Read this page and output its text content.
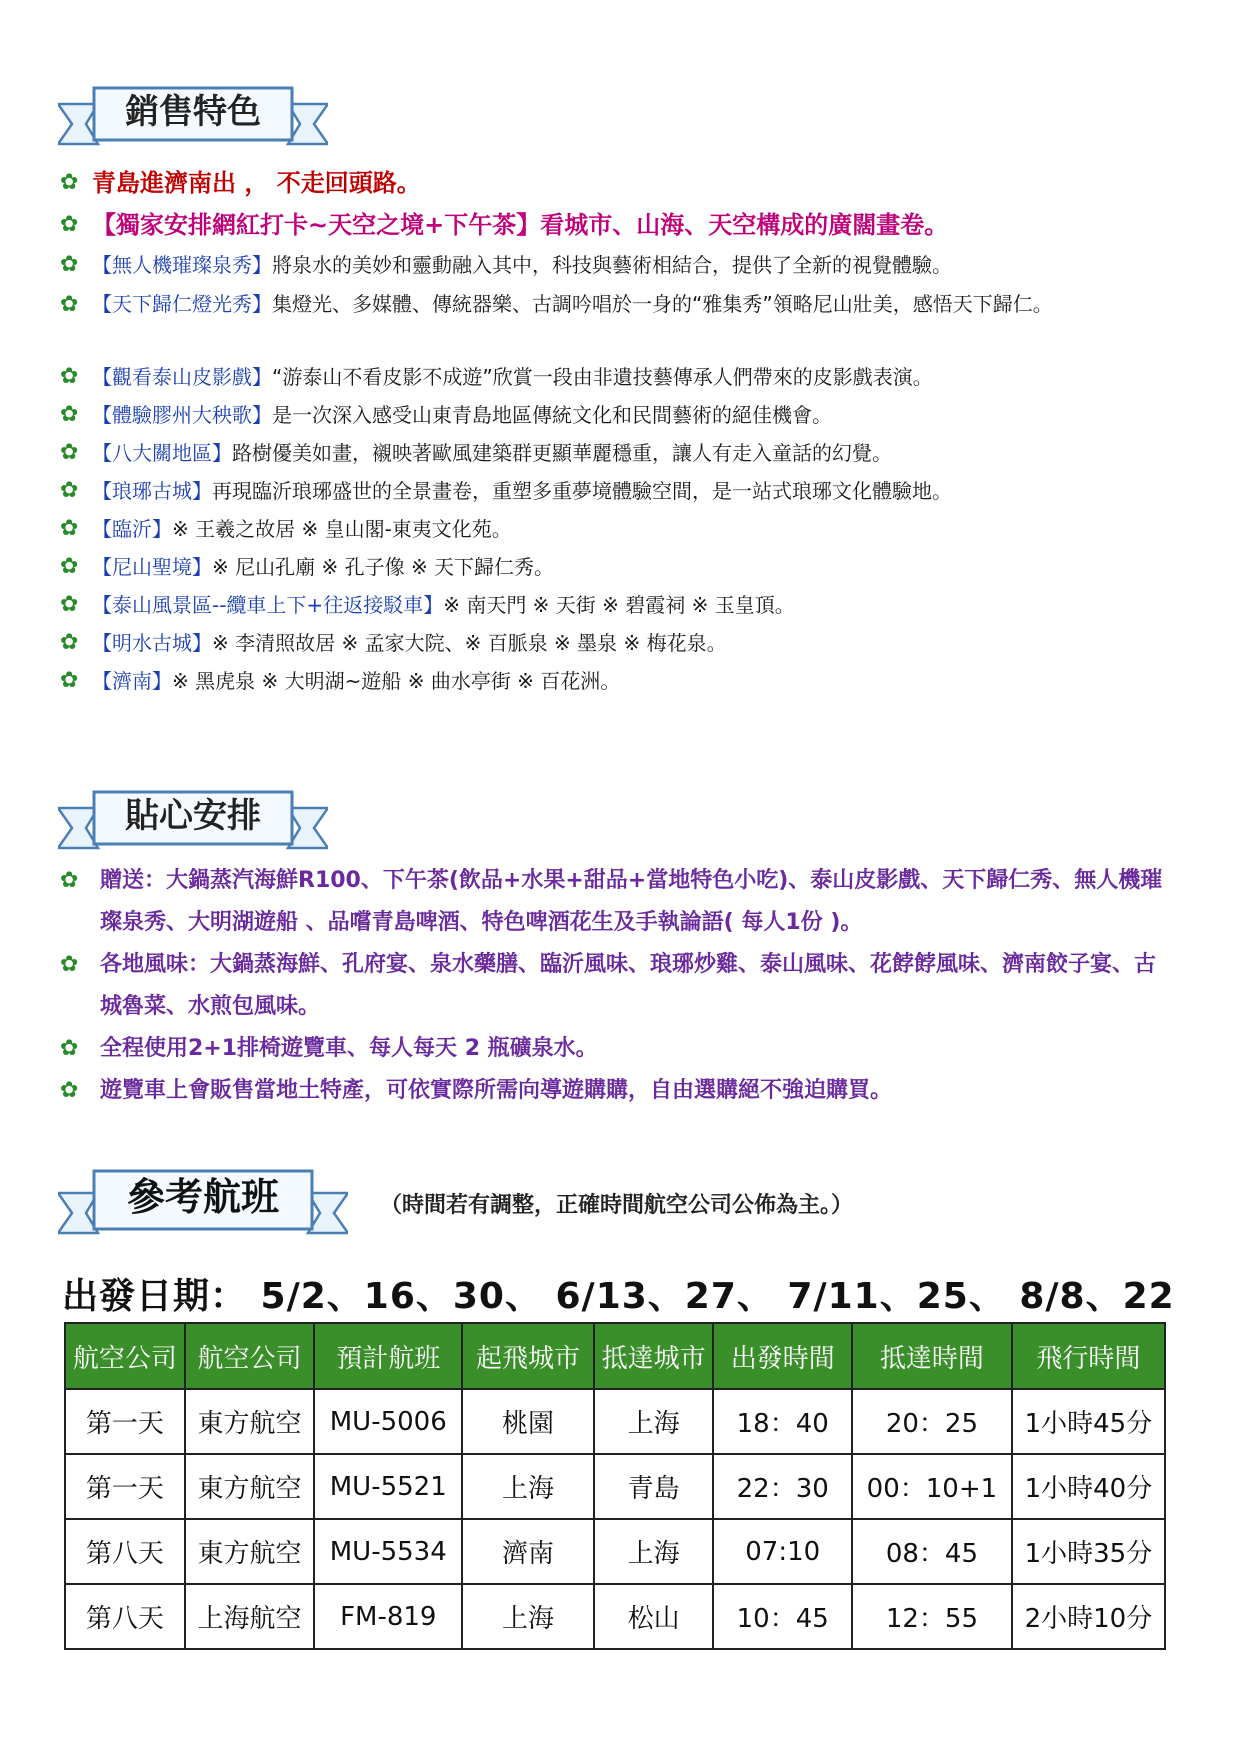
銷售特色
✿ 青島進濟南出 ， 不走回頭路。
✿ 【獨家安排網紅打卡~天空之境+下午茶】看城市、山海、天空構成的廣闊畫卷。
✿ 【無人機璀璨泉秀】將泉水的美妙和靈動融入其中，科技與藝術相結合，提供了全新的視覺體驗。
✿ 【天下歸仁燈光秀】集燈光、多媒體、傳統器樂、古調吟唱於一身的“雅集秀”領略尼山壯美，感悟天下歸仁。
✿ 【觀看泰山皮影戲】“游泰山不看皮影不成遊”欣賞一段由非遺技藝傳承人們帶來的皮影戲表演。
✿ 【體驗膠州大秧歌】是一次深入感受山東青島地區傳統文化和民間藝術的絕佳機會。
✿ 【八大關地區】路樹優美如畫，襯映著歐風建築群更顯華麗穩重，讓人有走入童話的幻覺。
✿ 【琅琊古城】再現臨沂琅琊盛世的全景畫卷，重塑多重夢境體驗空間，是一站式琅琊文化體驗地。
✿ 【臨沂】※ 王羲之故居 ※ 皇山閣-東夷文化苑。
✿ 【尼山聖境】※ 尼山孔廟 ※ 孔子像 ※ 天下歸仁秀。
✿ 【泰山風景區--纜車上下+往返接駁車】※ 南天門 ※ 天街 ※ 碧霞祠 ※ 玉皇頂。
✿ 【明水古城】※ 李清照故居 ※ 孟家大院、※ 百脈泉 ※ 墨泉 ※ 梅花泉。
✿ 【濟南】※ 黑虎泉 ※ 大明湖~遊船 ※ 曲水亭街 ※ 百花洲。
貼心安排
✿ 贈送：大鍋蒸汽海鮮R100、下午茶(飲品+水果+甜品+當地特色小吃)、泰山皮影戲、天下歸仁秀、無人機璀璨泉秀、大明湖遊船 、品嚐青島啤酒、特色啤酒花生及手執論語( 每人1份 )。
✿ 各地風味：大鍋蒸海鮮、孔府宴、泉水藥膳、臨沂風味、琅琊炒雞、泰山風味、花餑餑風味、濟南餃子宴、古城魯菜、水煎包風味。
✿ 全程使用2+1排椅遊覽車、每人每天 2 瓶礦泉水。
✿ 遊覽車上會販售當地土特產，可依實際所需向導遊購購，自由選購絕不強迫購買。
參考航班	（時間若有調整，正確時間航空公司公佈為主。）
出發日期： 5/2、16、30、 6/13、27、 7/11、25、 8/8、22
航空公司	航空公司	預計航班	起飛城市	抵達城市	出發時間	抵達時間	飛行時間
第一天	東方航空	MU-5006	桃園	上海	18：40	20：25	1小時45分
第一天	東方航空	MU-5521	上海	青島	22：30	00：10+1	1小時40分
第八天	東方航空	MU-5534	濟南	上海	07:10	08：45	1小時35分
第八天	上海航空	FM-819	上海	松山	10：45	12：55	2小時10分
